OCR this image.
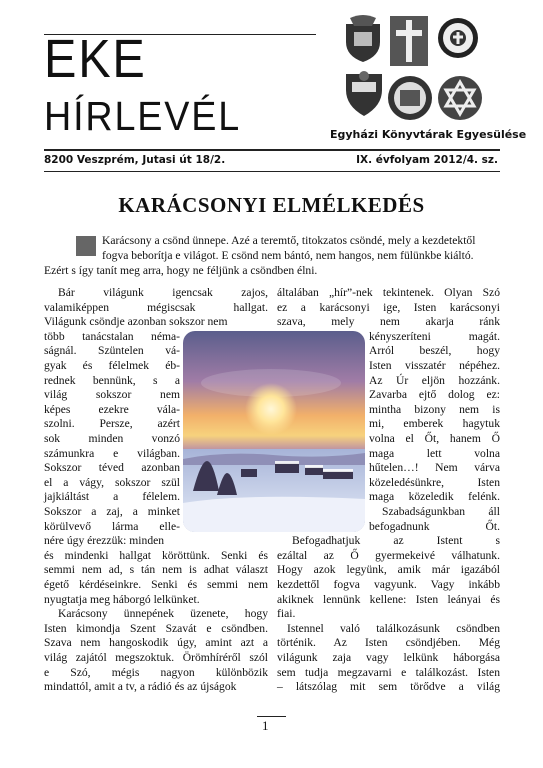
EKE
HÍRLEVÉL	Egyházi Könyvtárak Egyesülése
8200 Veszprém, Jutasi út 18/2.	IX. évfolyam 2012/4. sz.
KARÁCSONYI ELMÉLKEDÉS
Karácsony a csönd ünnepe. Azé a teremtő, titokzatos csöndé, mely a kezdetektől
fogva beborítja e világot. E csönd nem bántó, nem hangos, nem fülünkbe kiáltó.
Ezért s így tanít meg arra, hogy ne féljünk a csöndben élni.
Bár világunk igencsak zajos,
valamiképpen mégiscsak hallgat.
Világunk csöndje azonban sokszor nem
több tanácstalan néma-
ságnál. Szüntelen vá-
gyak és félelmek éb-
rednek bennünk, s a
világ sokszor nem
képes ezekre vála-
szolni. Persze, azért
sok minden vonzó
számunkra e világban.
Sokszor téved azonban
el a vágy, sokszor szül
jajkiáltást a félelem.
Sokszor a zaj, a minket
körülvevő lárma elle-
nére úgy érezzük: minden
és mindenki hallgat köröttünk. Senki és
semmi nem ad, s tán nem is adhat választ
égető kérdéseinkre. Senki és semmi nem
nyugtatja meg háborgó lelkünket.
Karácsony ünnepének üzenete, hogy
Isten kimondja Szent Szavát e csöndben.
Szava nem hangoskodik úgy, amint azt a
világ zajától megszoktuk. Örömhíréről szól
e Szó, mégis nagyon különbözik
mindattól, amit a tv, a rádió és az újságok
általában „hír”-nek tekintenek. Olyan Szó
ez a karácsonyi ige, Isten karácsonyi
szava, mely nem akarja ránk
kényszeríteni magát.
Arról beszél, hogy
Isten visszatér népéhez.
Az Úr eljön hozzánk.
Zavarba ejtő dolog ez:
mintha bizony nem is
mi, emberek hagytuk
volna el Őt, hanem Ő
maga lett volna
hűtelen…! Nem várva
közeledésünkre, Isten
maga közeledik felénk.
Szabadságunkban áll
befogadnunk Őt.
Befogadhatjuk az Istent s
ezáltal az Ő gyermekeivé válhatunk.
Hogy azok legyünk, amik már igazából
kezdettől fogva vagyunk. Vagy inkább
akiknek lennünk kellene: Isten leányai és
fiai.
Istennel való találkozásunk csöndben
történik. Az Isten csöndjében. Még
világunk zaja vagy lelkünk háborgása
sem tudja megzavarni e találkozást. Isten
– látszólag mit sem törődve a világ
1
